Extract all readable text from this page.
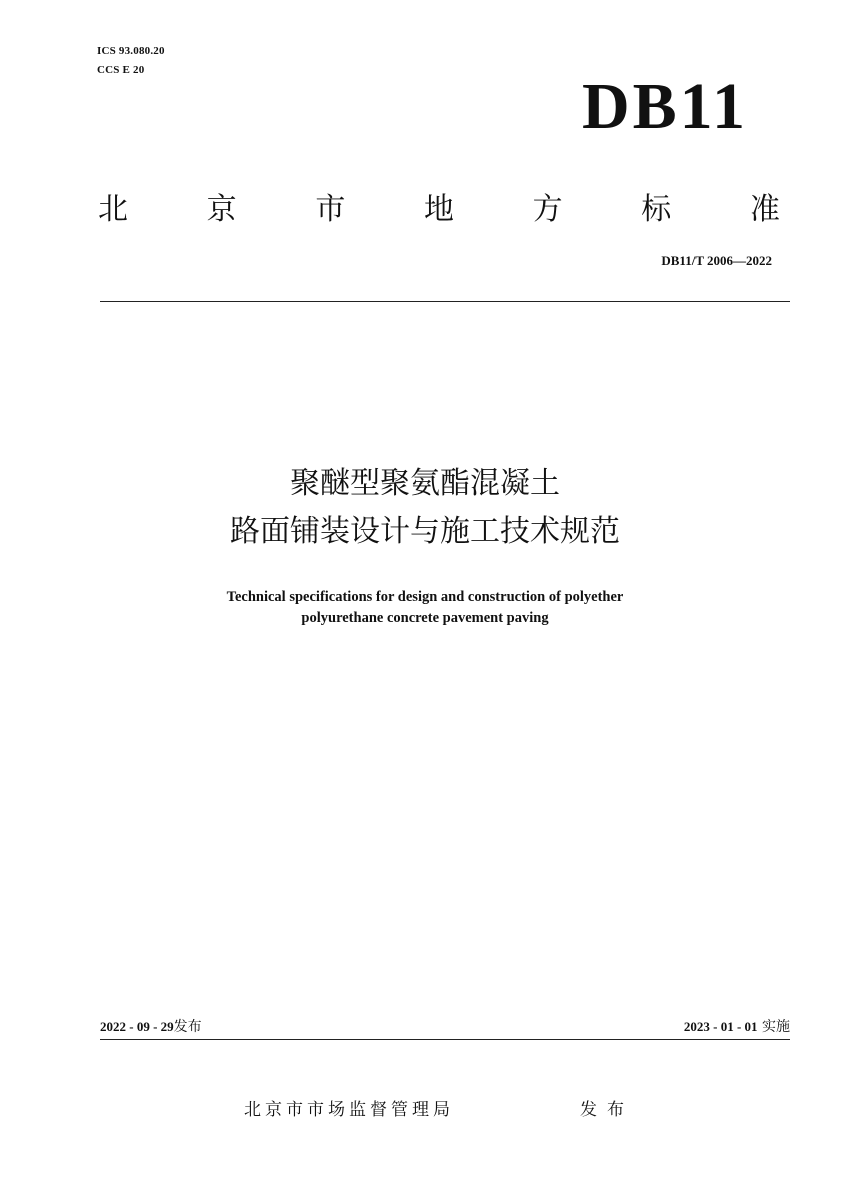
ICS 93.080.20
CCS E 20	DB11
北	京	市	地	方	标	准
DB11/T 2006—2022
聚醚型聚氨酯混凝土
路面铺装设计与施工技术规范
Technical specifications for design and construction of polyether
polyurethane concrete pavement paving
2022 - 09 - 29发布	2023 - 01 - 01 实施
北京市市场监督管理局	发布
